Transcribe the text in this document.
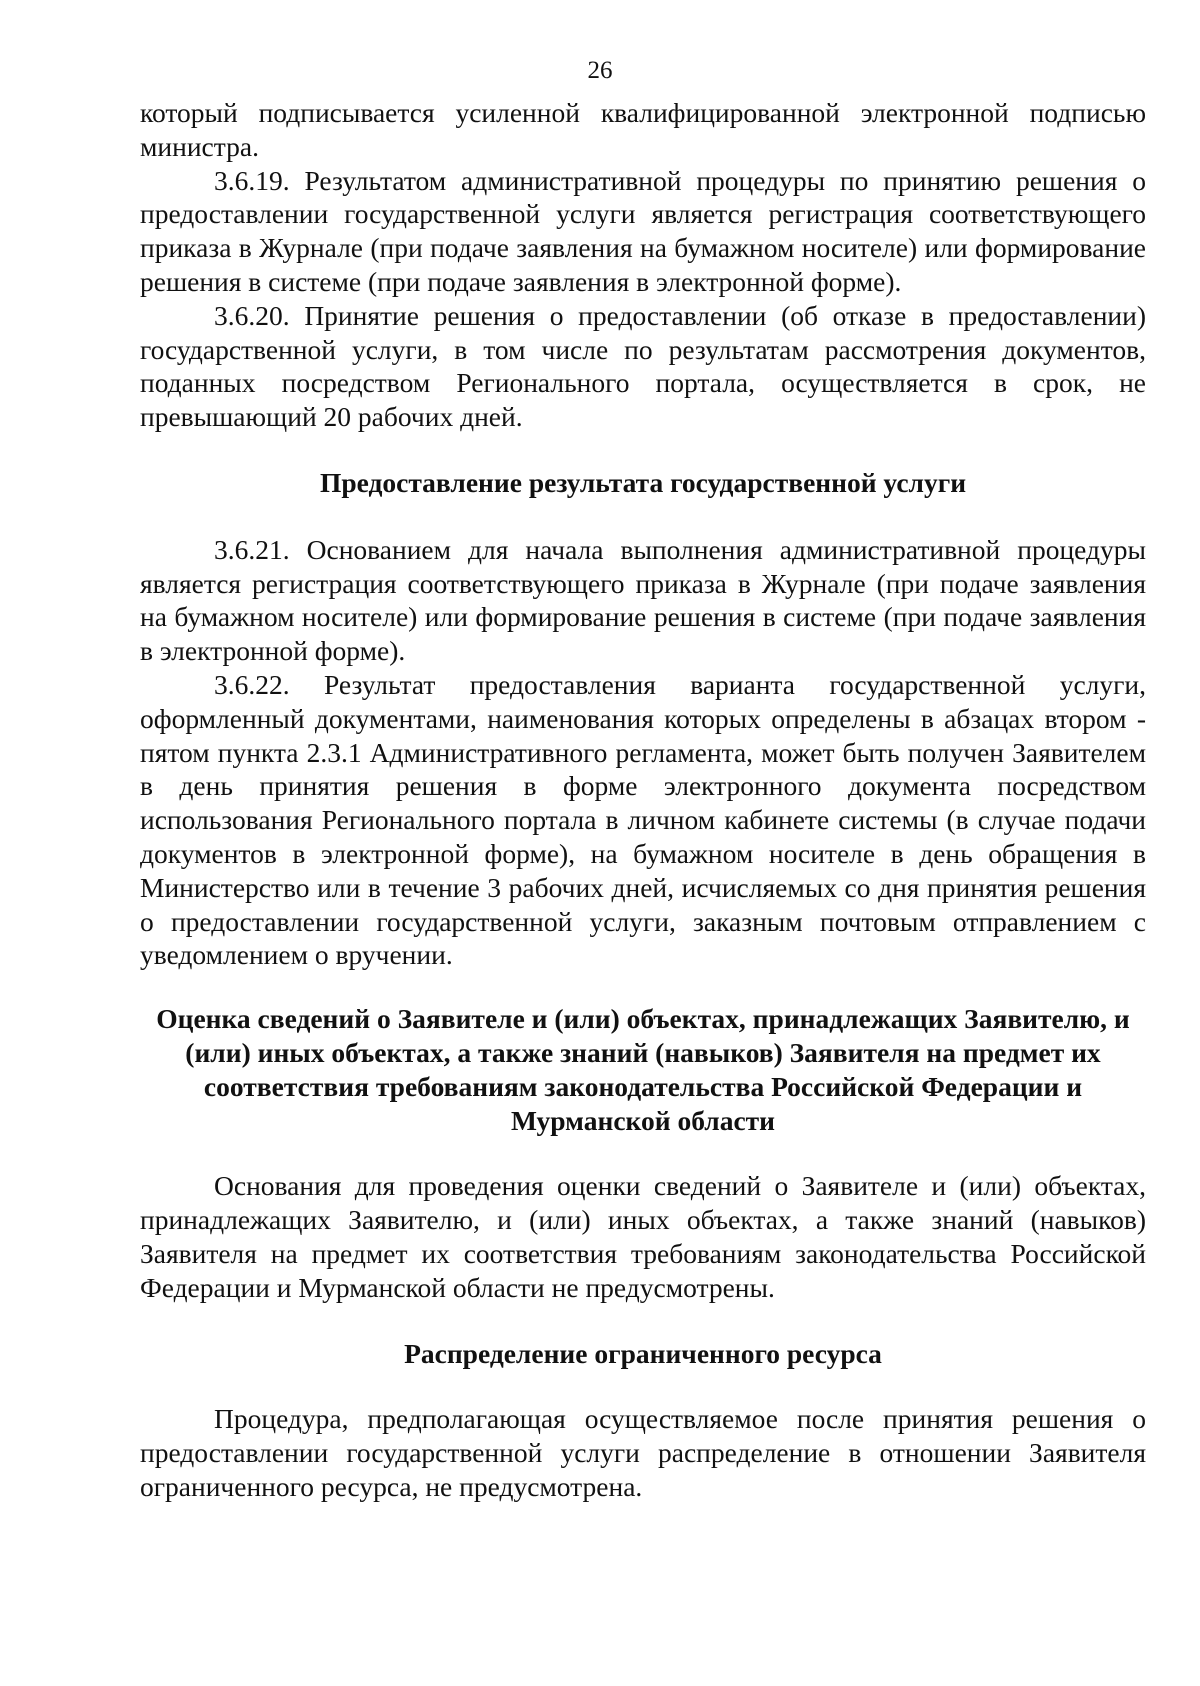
26

который подписывается усиленной квалифицированной электронной подписью министра.

3.6.19. Результатом административной процедуры по принятию решения о предоставлении государственной услуги является регистрация соответствующего приказа в Журнале (при подаче заявления на бумажном носителе) или формирование решения в системе (при подаче заявления в электронной форме).

3.6.20. Принятие решения о предоставлении (об отказе в предоставлении) государственной услуги, в том числе по результатам рассмотрения документов, поданных посредством Регионального портала, осуществляется в срок, не превышающий 20 рабочих дней.

Предоставление результата государственной услуги

3.6.21. Основанием для начала выполнения административной процедуры является регистрация соответствующего приказа в Журнале (при подаче заявления на бумажном носителе) или формирование решения в системе (при подаче заявления в электронной форме).

3.6.22. Результат предоставления варианта государственной услуги, оформленный документами, наименования которых определены в абзацах втором - пятом пункта 2.3.1 Административного регламента, может быть получен Заявителем в день принятия решения в форме электронного документа посредством использования Регионального портала в личном кабинете системы (в случае подачи документов в электронной форме), на бумажном носителе в день обращения в Министерство или в течение 3 рабочих дней, исчисляемых со дня принятия решения о предоставлении государственной услуги, заказным почтовым отправлением с уведомлением о вручении.

Оценка сведений о Заявителе и (или) объектах, принадлежащих Заявителю, и (или) иных объектах, а также знаний (навыков) Заявителя на предмет их соответствия требованиям законодательства Российской Федерации и Мурманской области

Основания для проведения оценки сведений о Заявителе и (или) объектах, принадлежащих Заявителю, и (или) иных объектах, а также знаний (навыков) Заявителя на предмет их соответствия требованиям законодательства Российской Федерации и Мурманской области не предусмотрены.

Распределение ограниченного ресурса

Процедура, предполагающая осуществляемое после принятия решения о предоставлении государственной услуги распределение в отношении Заявителя ограниченного ресурса, не предусмотрена.
